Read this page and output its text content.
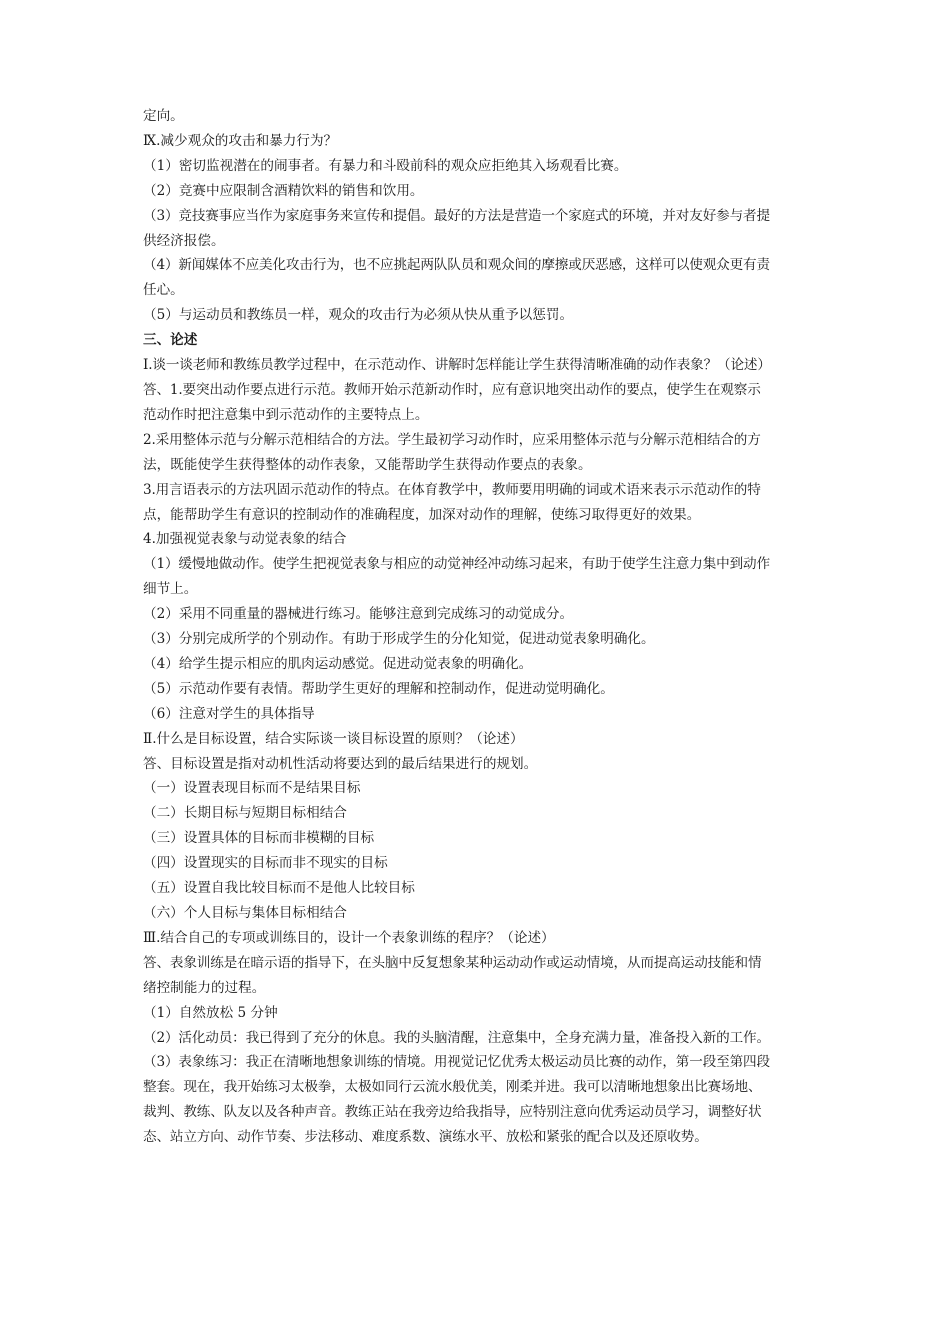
定向。

Ⅸ.减少观众的攻击和暴力行为？

（1）密切监视潜在的闹事者。有暴力和斗殴前科的观众应拒绝其入场观看比赛。

（2）竞赛中应限制含酒精饮料的销售和饮用。

（3）竞技赛事应当作为家庭事务来宣传和提倡。最好的方法是营造一个家庭式的环境，并对友好参与者提

供经济报偿。

（4）新闻媒体不应美化攻击行为，也不应挑起两队队员和观众间的摩擦或厌恶感，这样可以使观众更有责

任心。

（5）与运动员和教练员一样，观众的攻击行为必须从快从重予以惩罚。

三、论述

Ⅰ.谈一谈老师和教练员教学过程中，在示范动作、讲解时怎样能让学生获得清晰准确的动作表象？（论述）

答、1.要突出动作要点进行示范。教师开始示范新动作时，应有意识地突出动作的要点，使学生在观察示

范动作时把注意集中到示范动作的主要特点上。

2.采用整体示范与分解示范相结合的方法。学生最初学习动作时，应采用整体示范与分解示范相结合的方

法，既能使学生获得整体的动作表象，又能帮助学生获得动作要点的表象。

3.用言语表示的方法巩固示范动作的特点。在体育教学中，教师要用明确的词或术语来表示示范动作的特

点，能帮助学生有意识的控制动作的准确程度，加深对动作的理解，使练习取得更好的效果。

4.加强视觉表象与动觉表象的结合

（1）缓慢地做动作。使学生把视觉表象与相应的动觉神经冲动练习起来，有助于使学生注意力集中到动作

细节上。

（2）采用不同重量的器械进行练习。能够注意到完成练习的动觉成分。

（3）分别完成所学的个别动作。有助于形成学生的分化知觉，促进动觉表象明确化。

（4）给学生提示相应的肌肉运动感觉。促进动觉表象的明确化。

（5）示范动作要有表情。帮助学生更好的理解和控制动作，促进动觉明确化。

（6）注意对学生的具体指导

Ⅱ.什么是目标设置，结合实际谈一谈目标设置的原则？（论述）

答、目标设置是指对动机性活动将要达到的最后结果进行的规划。

（一）设置表现目标而不是结果目标

（二）长期目标与短期目标相结合

（三）设置具体的目标而非模糊的目标

（四）设置现实的目标而非不现实的目标

（五）设置自我比较目标而不是他人比较目标

（六）个人目标与集体目标相结合

Ⅲ.结合自己的专项或训练目的，设计一个表象训练的程序？（论述）

答、表象训练是在暗示语的指导下，在头脑中反复想象某种运动动作或运动情境，从而提高运动技能和情

绪控制能力的过程。

（1）自然放松 5 分钟

（2）活化动员：我已得到了充分的休息。我的头脑清醒，注意集中，全身充满力量，准备投入新的工作。

（3）表象练习：我正在清晰地想象训练的情境。用视觉记忆优秀太极运动员比赛的动作，第一段至第四段

整套。现在，我开始练习太极拳，太极如同行云流水般优美，刚柔并进。我可以清晰地想象出比赛场地、

裁判、教练、队友以及各种声音。教练正站在我旁边给我指导，应特别注意向优秀运动员学习，调整好状

态、站立方向、动作节奏、步法移动、难度系数、演练水平、放松和紧张的配合以及还原收势。
